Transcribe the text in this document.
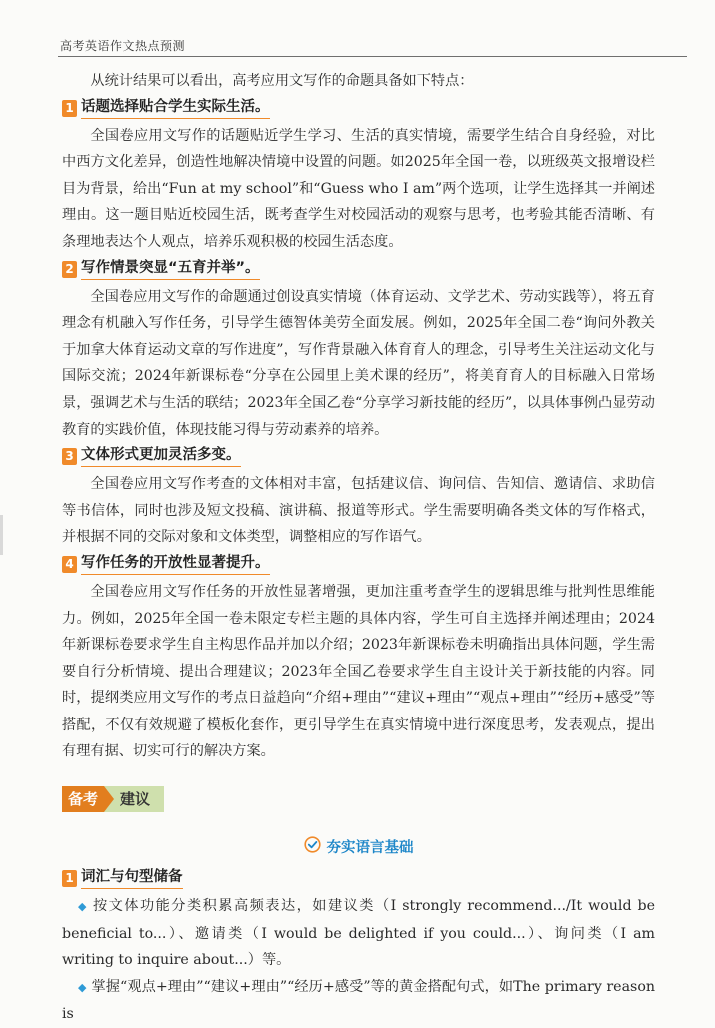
高考英语作文热点预测

从统计结果可以看出，高考应用文写作的命题具备如下特点：

1 话题选择贴合学生实际生活。

全国卷应用文写作的话题贴近学生学习、生活的真实情境，需要学生结合自身经验，对比中西方文化差异，创造性地解决情境中设置的问题。如2025年全国一卷，以班级英文报增设栏目为背景，给出“Fun at my school”和“Guess who I am”两个选项，让学生选择其一并阐述理由。这一题目贴近校园生活，既考查学生对校园活动的观察与思考，也考验其能否清晰、有条理地表达个人观点，培养乐观积极的校园生活态度。

2 写作情景突显“五育并举”。

全国卷应用文写作的命题通过创设真实情境（体育运动、文学艺术、劳动实践等），将五育理念有机融入写作任务，引导学生德智体美劳全面发展。例如，2025年全国二卷“询问外教关于加拿大体育运动文章的写作进度”，写作背景融入体育育人的理念，引导考生关注运动文化与国际交流；2024年新课标卷“分享在公园里上美术课的经历”，将美育育人的目标融入日常场景，强调艺术与生活的联结；2023年全国乙卷“分享学习新技能的经历”，以具体事例凸显劳动教育的实践价值，体现技能习得与劳动素养的培养。

3 文体形式更加灵活多变。

全国卷应用文写作考查的文体相对丰富，包括建议信、询问信、告知信、邀请信、求助信等书信体，同时也涉及短文投稿、演讲稿、报道等形式。学生需要明确各类文体的写作格式，并根据不同的交际对象和文体类型，调整相应的写作语气。

4 写作任务的开放性显著提升。

全国卷应用文写作任务的开放性显著增强，更加注重考查学生的逻辑思维与批判性思维能力。例如，2025年全国一卷未限定专栏主题的具体内容，学生可自主选择并阐述理由；2024年新课标卷要求学生自主构思作品并加以介绍；2023年新课标卷未明确指出具体问题，学生需要自行分析情境、提出合理建议；2023年全国乙卷要求学生自主设计关于新技能的内容。同时，提纲类应用文写作的考点日益趋向“介绍+理由”“建议+理由”“观点+理由”“经历+感受”等搭配，不仅有效规避了模板化套作，更引导学生在真实情境中进行深度思考，发表观点，提出有理有据、切实可行的解决方案。

备考	建议
夯实语言基础
1 词汇与句型储备

◆ 按文体功能分类积累高频表达，如建议类（I strongly recommend.../It would be beneficial to...）、邀请类（I would be delighted if you could...）、询问类（I am writing to inquire about...）等。

◆ 掌握“观点+理由”“建议+理由”“经历+感受”等的黄金搭配句式，如The primary reason is
